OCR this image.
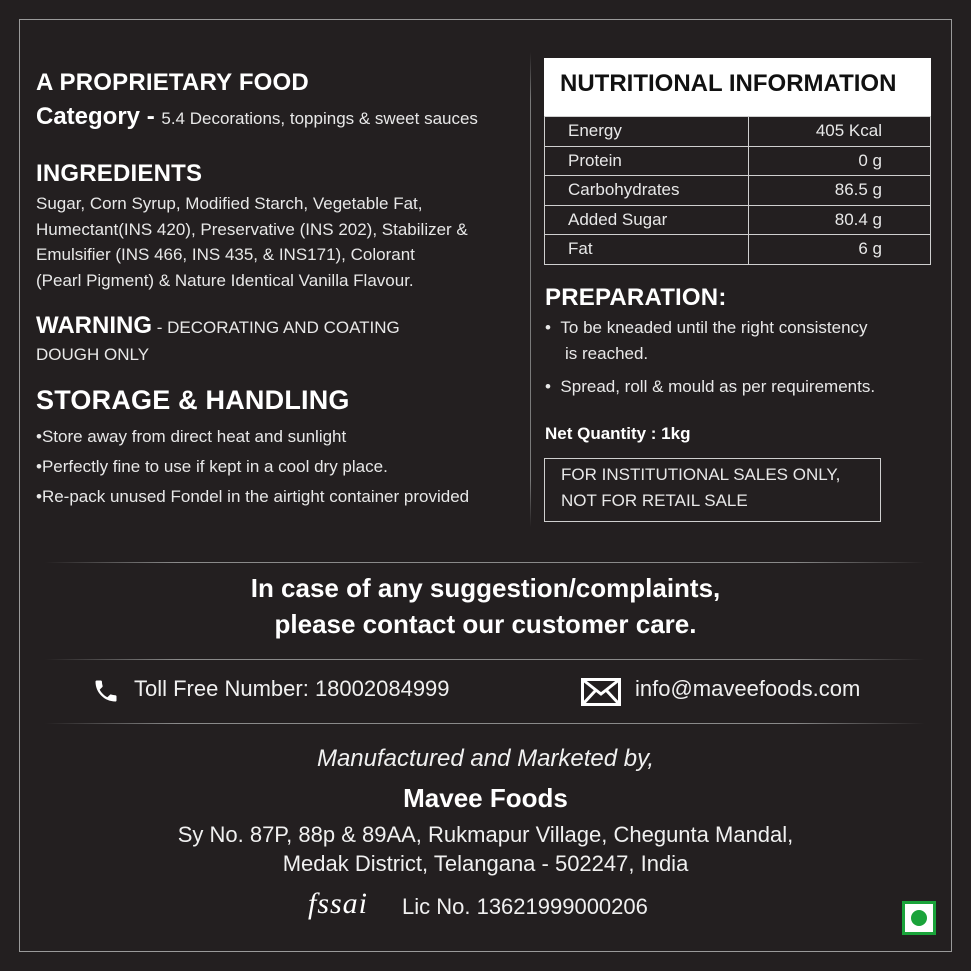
A PROPRIETARY FOOD
Category - 5.4 Decorations, toppings & sweet sauces
INGREDIENTS
Sugar, Corn Syrup, Modified Starch, Vegetable Fat,
Humectant(INS 420), Preservative (INS 202), Stabilizer &
Emulsifier (INS 466, INS 435, & INS171), Colorant
(Pearl Pigment) & Nature Identical Vanilla Flavour.
WARNING - DECORATING AND COATING
DOUGH ONLY
STORAGE & HANDLING
•Store away from direct heat and sunlight
•Perfectly fine to use if kept in a cool dry place.
•Re-pack unused Fondel in the airtight container provided
NUTRITIONAL INFORMATION
Energy	405 Kcal
Protein	0 g
Carbohydrates	86.5 g
Added Sugar	80.4 g
Fat	6 g
PREPARATION:
•  To be kneaded until the right consistency
is reached.
•  Spread, roll & mould as per requirements.
Net Quantity : 1kg
FOR INSTITUTIONAL SALES ONLY,
NOT FOR RETAIL SALE
In case of any suggestion/complaints,
please contact our customer care.
Toll Free Number: 18002084999	info@maveefoods.com
Manufactured and Marketed by,
Mavee Foods
Sy No. 87P, 88p & 89AA, Rukmapur Village, Chegunta Mandal,
Medak District, Telangana - 502247, India
fssai Lic No. 13621999000206
